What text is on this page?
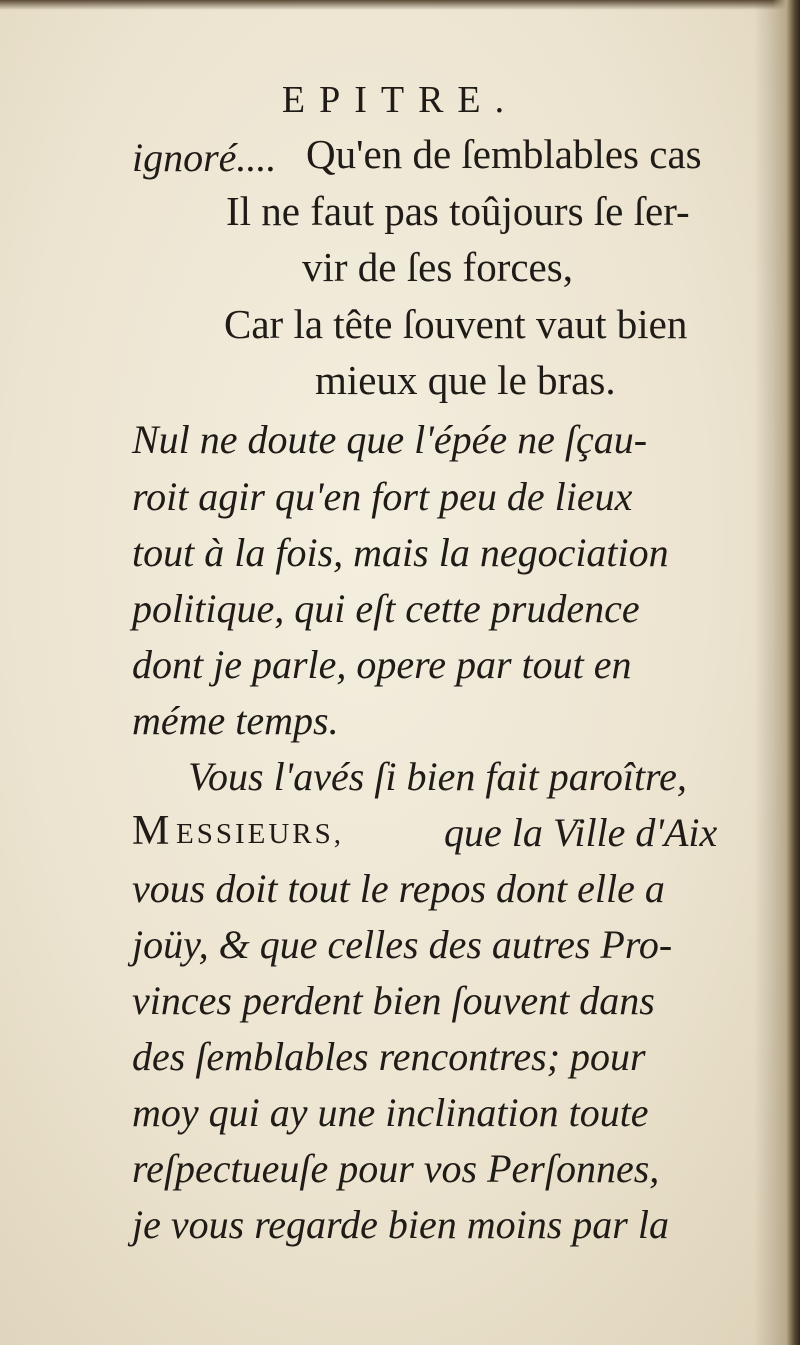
EPITRE.
ignoré.... Qu'en de ſemblables cas
Il ne faut pas toûjours ſe ſer-
vir de ſes forces,
Car la tête ſouvent vaut bien
mieux que le bras.
Nul ne doute que l'épée ne ſçau-
roit agir qu'en fort peu de lieux
tout à la fois, mais la negociation
politique, qui eſt cette prudence
dont je parle, opere par tout en
méme temps.
Vous l'avés ſi bien fait paroître,
M ESSIEURS, que la Ville d'Aix
vous doit tout le repos dont elle a
joüy, & que celles des autres Pro-
vinces perdent bien ſouvent dans
des ſemblables rencontres; pour
moy qui ay une inclination toute
reſpectueuſe pour vos Perſonnes,
je vous regarde bien moins par la
